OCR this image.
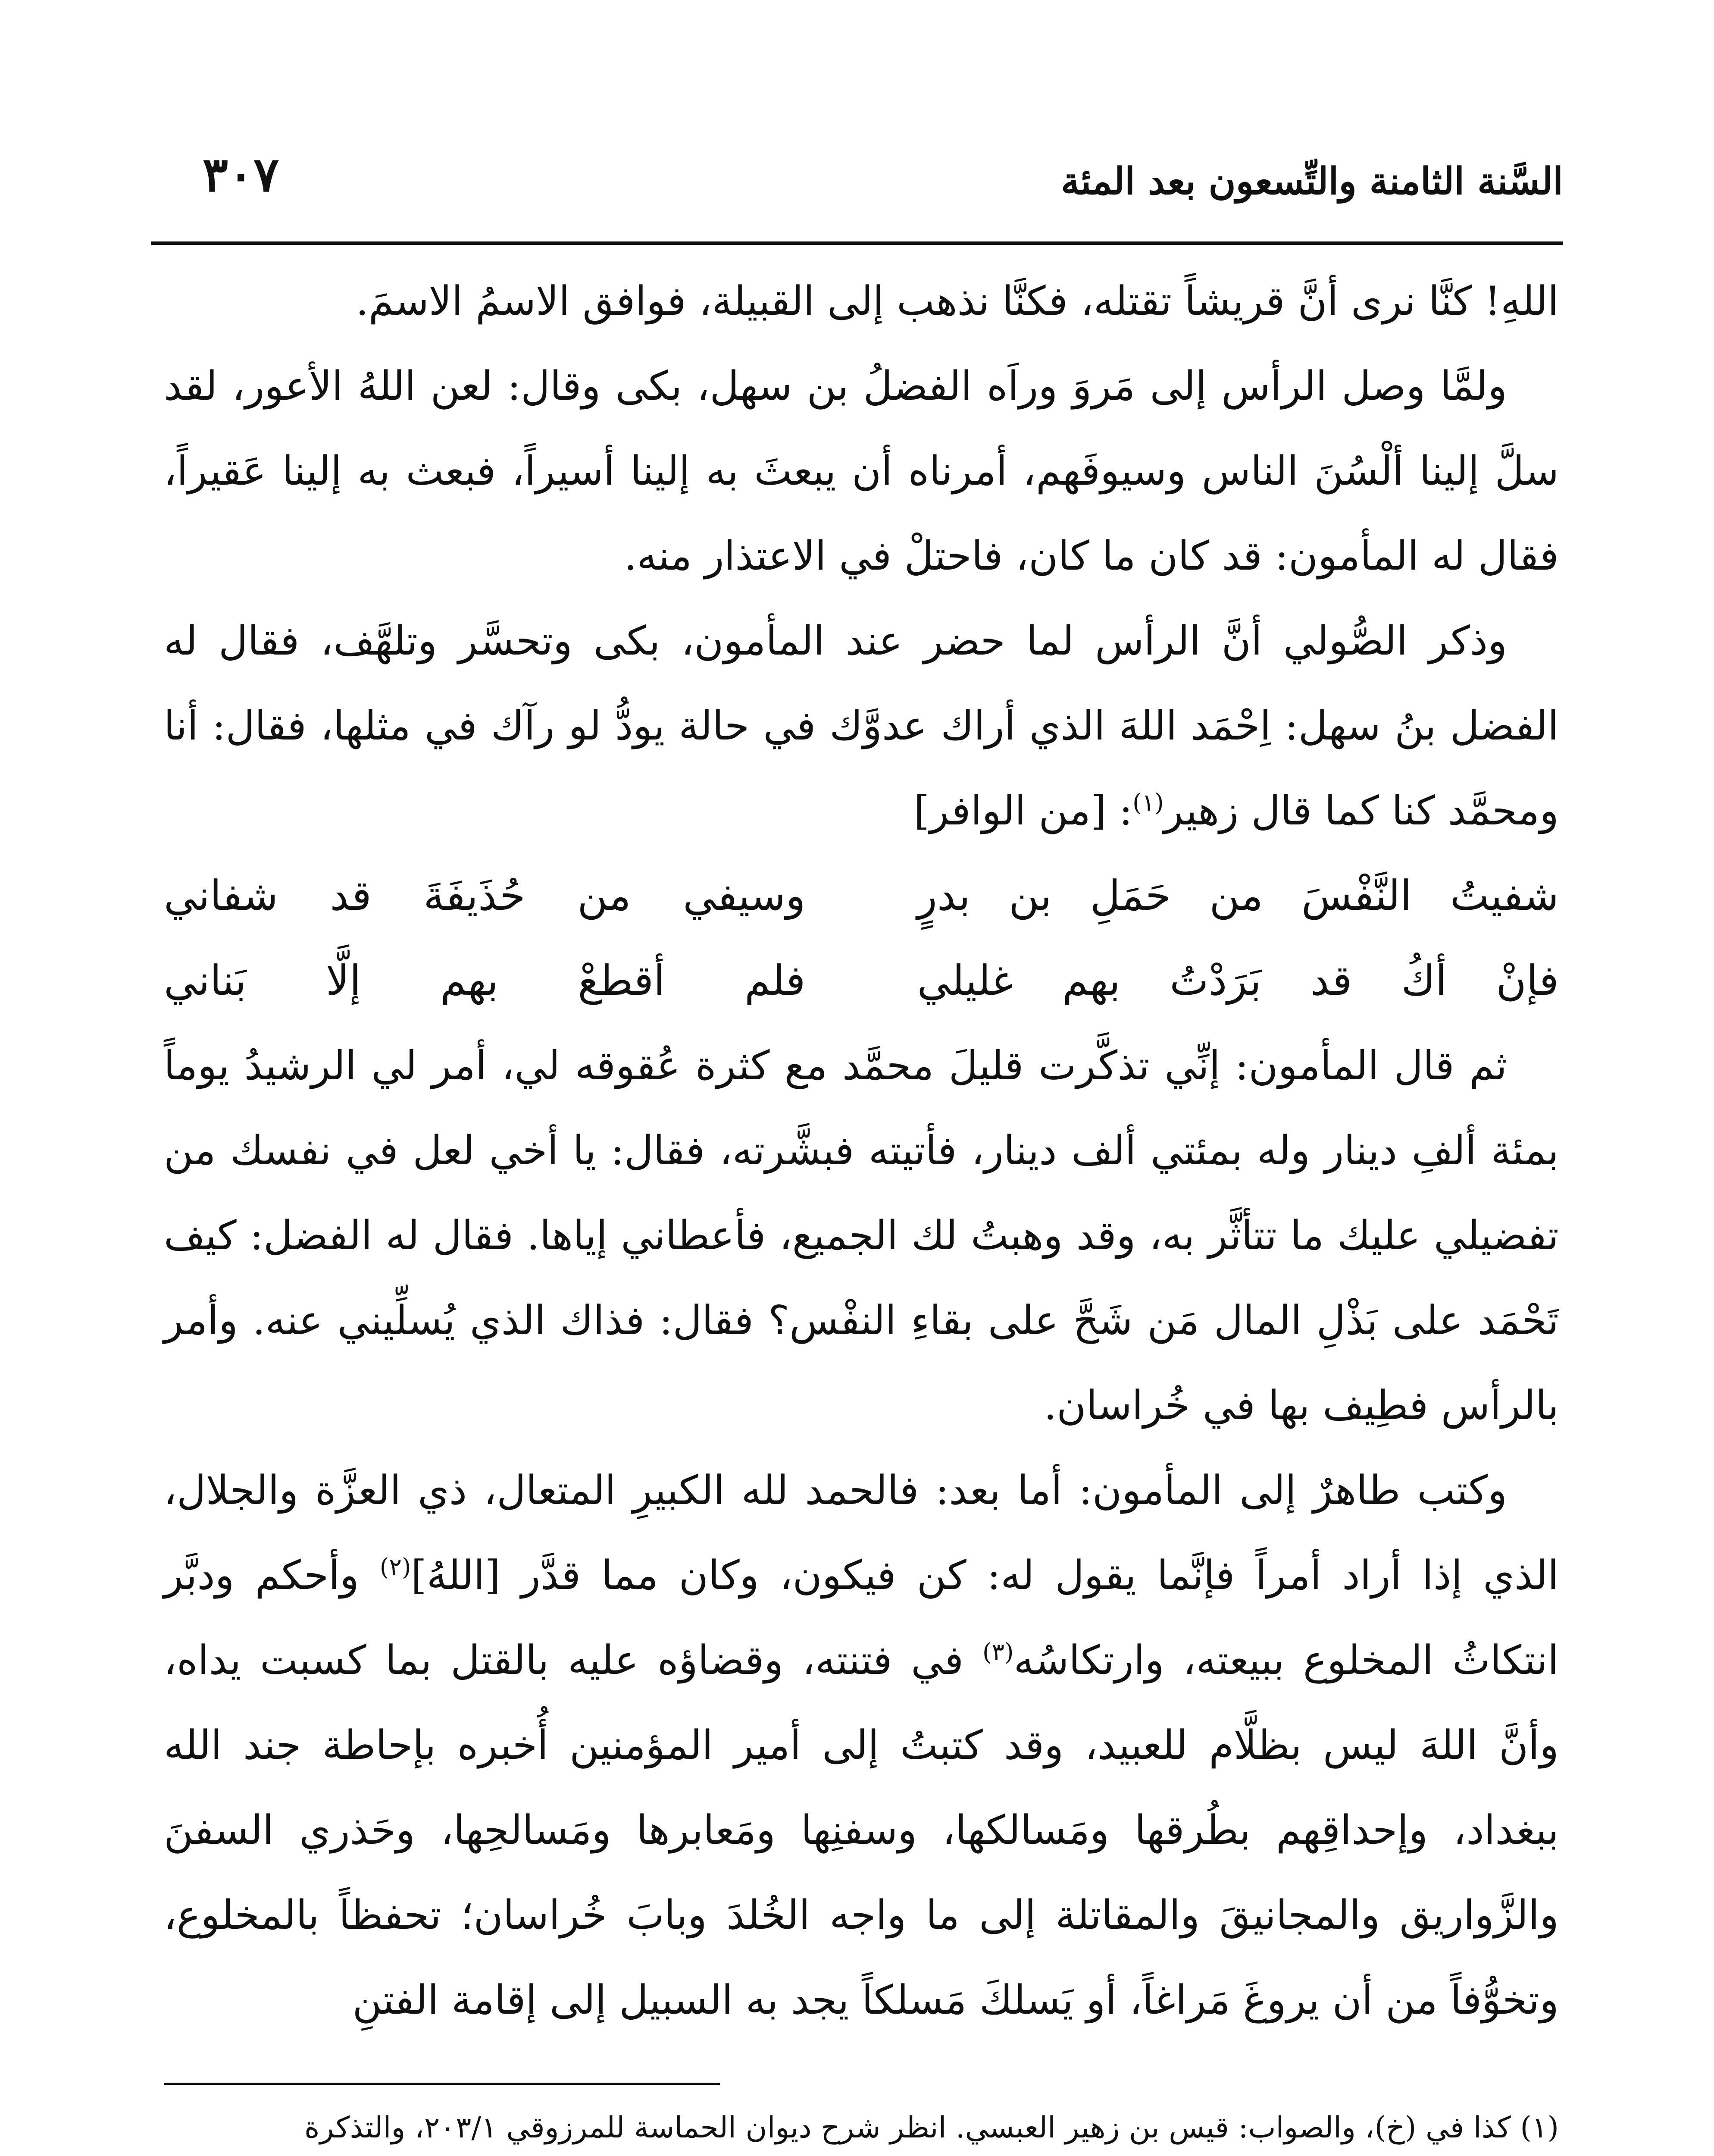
السَّنة الثامنة والتِّسعون بعد المئة
٣٠٧

اللهِ! كنَّا نرى أنَّ قريشاً تقتله، فكنَّا نذهب إلى القبيلة، فوافق الاسمُ الاسمَ.

ولمَّا وصل الرأس إلى مَروَ وراَه الفضلُ بن سهل، بكى وقال: لعن اللهُ الأعور، لقد سلَّ إلينا ألْسُنَ الناس وسيوفَهم، أمرناه أن يبعثَ به إلينا أسيراً، فبعث به إلينا عَقيراً، فقال له المأمون: قد كان ما كان، فاحتلْ في الاعتذار منه.

وذكر الصُّولي أنَّ الرأس لما حضر عند المأمون، بكى وتحسَّر وتلهَّف، فقال له الفضل بنُ سهل: اِحْمَد اللهَ الذي أراك عدوَّك في حالة يودُّ لو رآك في مثلها، فقال: أنا ومحمَّد كنا كما قال زهير$^{(١)}$: [من الوافر]

شفيتُ النَّفْسَ من حَمَلِ بن بدرٍ
وسيفي من حُذَيفَةَ قد شفاني
فإنْ أكُ قد بَرَدْتُ بهم غليلي
فلم أقطعْ بهم إلَّا بَناني

ثم قال المأمون: إنِّي تذكَّرت قليلَ محمَّد مع كثرة عُقوقه لي، أمر لي الرشيدُ يوماً بمئة ألفِ دينار وله بمئتي ألف دينار، فأتيته فبشَّرته، فقال: يا أخي لعل في نفسك من تفضيلي عليك ما تتأثَّر به، وقد وهبتُ لك الجميع، فأعطاني إياها. فقال له الفضل: كيف تَحْمَد على بَذْلِ المال مَن شَحَّ على بقاءِ النفْس؟ فقال: فذاك الذي يُسلِّيني عنه. وأمر بالرأس فطِيف بها في خُراسان.

وكتب طاهرٌ إلى المأمون: أما بعد: فالحمد لله الكبيرِ المتعال، ذي العزَّة والجلال، الذي إذا أراد أمراً فإنَّما يقول له: كن فيكون، وكان مما قدَّر [اللهُ]$^{(٢)}$ وأحكم ودبَّر انتكاثُ المخلوع ببيعته، وارتكاسُه$^{(٣)}$ في فتنته، وقضاؤه عليه بالقتل بما كسبت يداه، وأنَّ اللهَ ليس بظلَّام للعبيد، وقد كتبتُ إلى أمير المؤمنين أُخبره بإحاطة جند الله ببغداد، وإحداقِهم بطُرقها ومَسالكها، وسفنِها ومَعابرها ومَسالحِها، وحَذري السفنَ والزَّواريق والمجانيقَ والمقاتلة إلى ما واجه الخُلدَ وبابَ خُراسان؛ تحفظاً بالمخلوع، وتخوُّفاً من أن يروغَ مَراغاً، أو يَسلكَ مَسلكاً يجد به السبيل إلى إقامة الفتنِ

(١) كذا في (خ)، والصواب: قيس بن زهير العبسي. انظر شرح ديوان الحماسة للمرزوقي ٢٠٣/١، والتذكرة
